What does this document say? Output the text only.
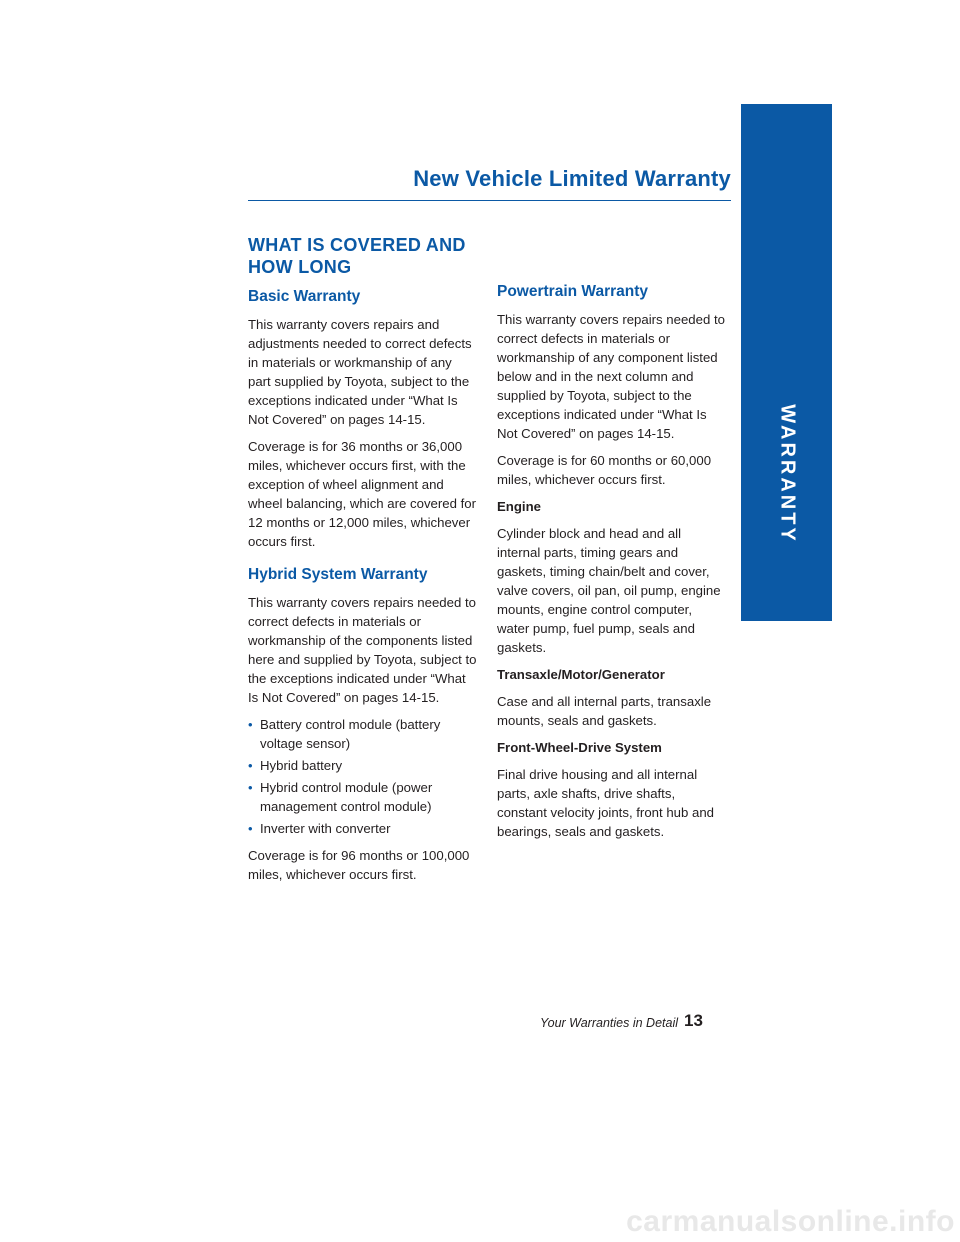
WARRANTY
New Vehicle Limited Warranty
WHAT IS COVERED AND
HOW LONG
Basic Warranty

This warranty covers repairs and adjustments needed to correct defects in materials or workmanship of any part supplied by Toyota, subject to the exceptions indicated under “What Is Not Covered” on pages 14-15.

Coverage is for 36 months or 36,000 miles, whichever occurs first, with the exception of wheel alignment and wheel balancing, which are covered for 12 months or 12,000 miles, whichever occurs first.

Hybrid System Warranty

This warranty covers repairs needed to correct defects in materials or workmanship of the components listed here and supplied by Toyota, subject to the exceptions indicated under “What Is Not Covered” on pages 14-15.

• Battery control module (battery voltage sensor)
• Hybrid battery
• Hybrid control module (power management control module)
• Inverter with converter

Coverage is for 96 months or 100,000 miles, whichever occurs first.

Powertrain Warranty

This warranty covers repairs needed to correct defects in materials or workmanship of any component listed below and in the next column and supplied by Toyota, subject to the exceptions indicated under “What Is Not Covered” on pages 14-15.

Coverage is for 60 months or 60,000 miles, whichever occurs first.

Engine

Cylinder block and head and all internal parts, timing gears and gaskets, timing chain/belt and cover, valve covers, oil pan, oil pump, engine mounts, engine control computer, water pump, fuel pump, seals and gaskets.

Transaxle/Motor/Generator

Case and all internal parts, transaxle mounts, seals and gaskets.

Front-Wheel-Drive System

Final drive housing and all internal parts, axle shafts, drive shafts, constant velocity joints, front hub and bearings, seals and gaskets.

Your Warranties in Detail 13
carmanualsonline.info
